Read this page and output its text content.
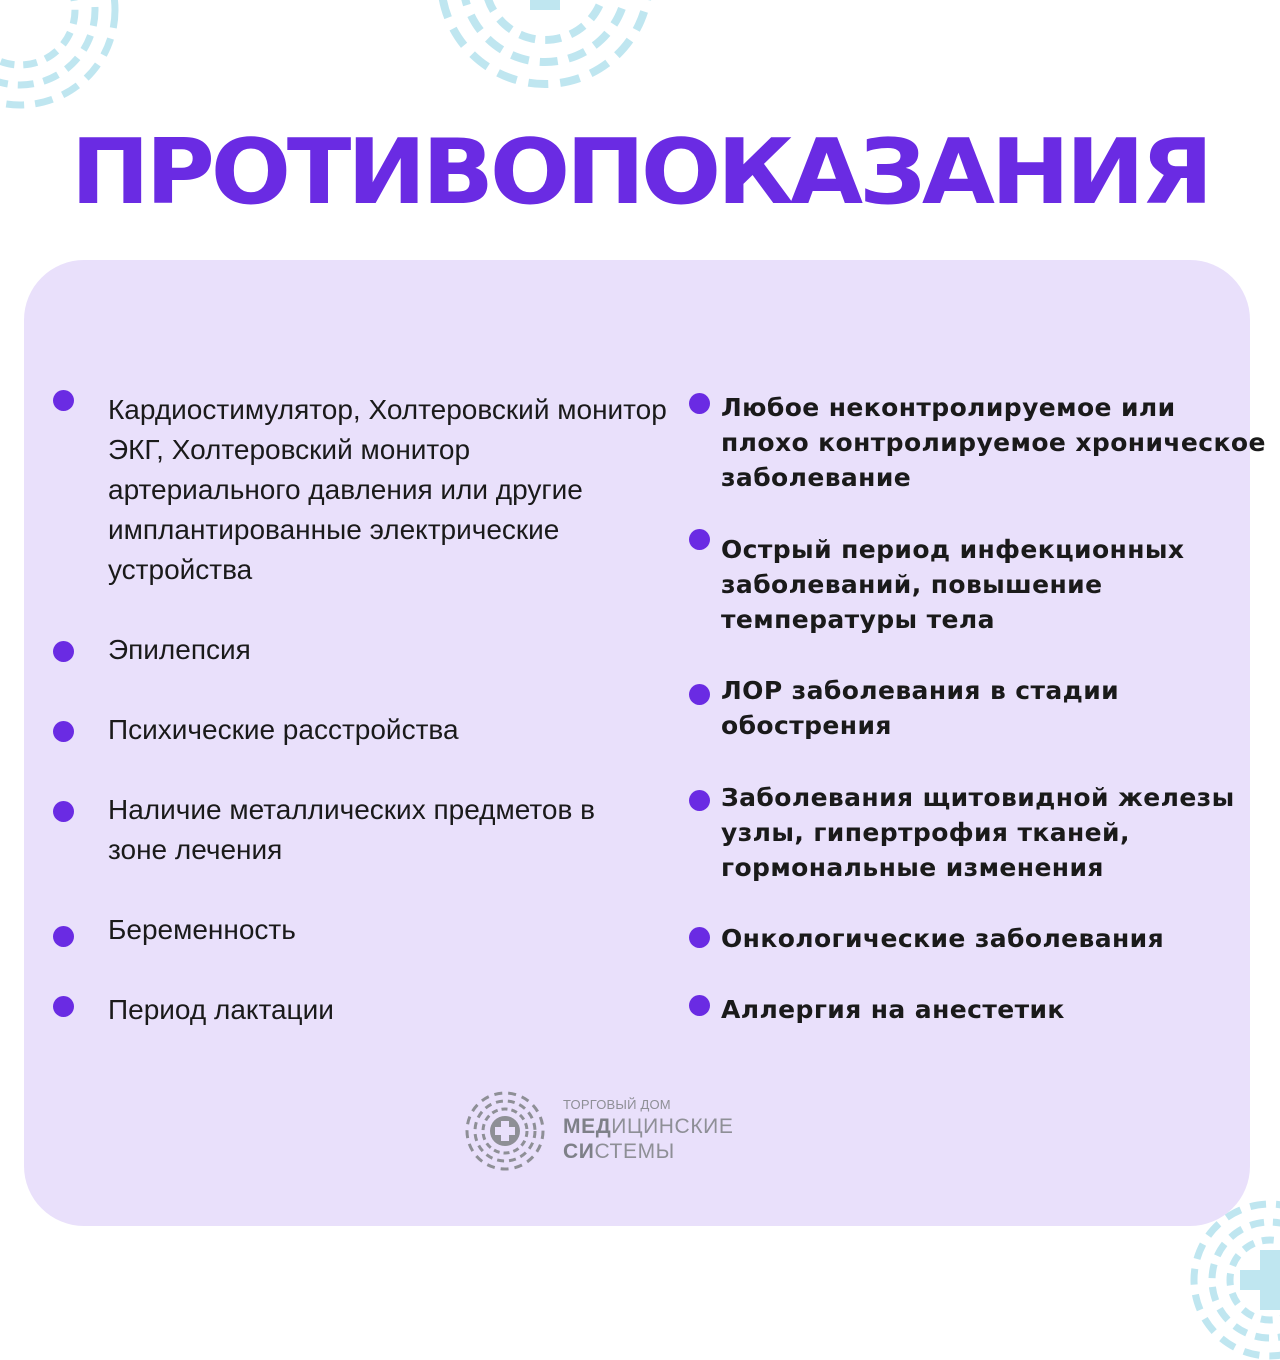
ПРОТИВОПОКАЗАНИЯ
Кардиостимулятор, Холтеровский монитор ЭКГ, Холтеровский монитор артериального давления или другие имплантированные электрические устройства
Эпилепсия
Психические расстройства
Наличие металлических предметов в зоне лечения
Беременность
Период лактации
Любое неконтролируемое или плохо контролируемое хроническое заболевание
Острый период инфекционных заболеваний, повышение температуры тела
ЛОР заболевания в стадии обострения
Заболевания щитовидной железы узлы, гипертрофия тканей, гормональные изменения
Онкологические заболевания
Аллергия на анестетик
ТОРГОВЫЙ ДОМ
МЕДИЦИНСКИЕ
СИСТЕМЫ
